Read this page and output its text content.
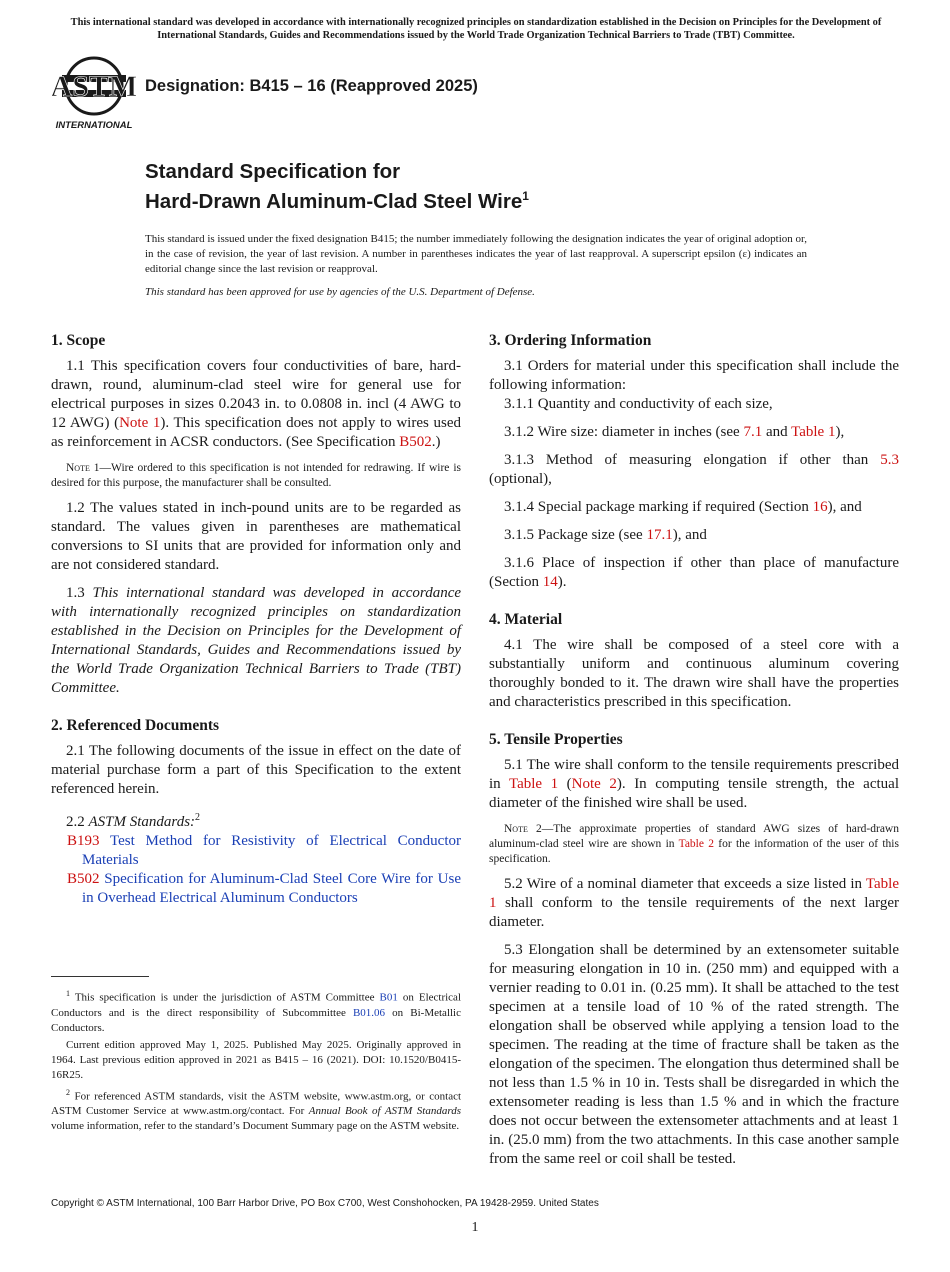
This international standard was developed in accordance with internationally recognized principles on standardization established in the Decision on Principles for the Development of International Standards, Guides and Recommendations issued by the World Trade Organization Technical Barriers to Trade (TBT) Committee.
ASTM
INTERNATIONAL
Designation: B415 – 16 (Reapproved 2025)
Standard Specification for
Hard-Drawn Aluminum-Clad Steel Wire$^1$
This standard is issued under the fixed designation B415; the number immediately following the designation indicates the year of original adoption or, in the case of revision, the year of last revision. A number in parentheses indicates the year of last reapproval. A superscript epsilon (ε) indicates an editorial change since the last revision or reapproval.
This standard has been approved for use by agencies of the U.S. Department of Defense.
1. Scope

1.1 This specification covers four conductivities of bare, hard-drawn, round, aluminum-clad steel wire for general use for electrical purposes in sizes 0.2043 in. to 0.0808 in. incl (4 AWG to 12 AWG) (Note 1). This specification does not apply to wires used as reinforcement in ACSR conductors. (See Specification B502.)

Note 1—Wire ordered to this specification is not intended for redrawing. If wire is desired for this purpose, the manufacturer shall be consulted.

1.2 The values stated in inch-pound units are to be regarded as standard. The values given in parentheses are mathematical conversions to SI units that are provided for information only and are not considered standard.

1.3 This international standard was developed in accordance with internationally recognized principles on standardization established in the Decision on Principles for the Development of International Standards, Guides and Recommendations issued by the World Trade Organization Technical Barriers to Trade (TBT) Committee.

2. Referenced Documents

2.1 The following documents of the issue in effect on the date of material purchase form a part of this Specification to the extent referenced herein.

2.2 ASTM Standards:$^2$

B193 Test Method for Resistivity of Electrical Conductor Materials

B502 Specification for Aluminum-Clad Steel Core Wire for Use in Overhead Electrical Aluminum Conductors

$^1$ This specification is under the jurisdiction of ASTM Committee B01 on Electrical Conductors and is the direct responsibility of Subcommittee B01.06 on Bi-Metallic Conductors.

Current edition approved May 1, 2025. Published May 2025. Originally approved in 1964. Last previous edition approved in 2021 as B415 – 16 (2021). DOI: 10.1520/B0415-16R25.

$^2$ For referenced ASTM standards, visit the ASTM website, www.astm.org, or contact ASTM Customer Service at www.astm.org/contact. For Annual Book of ASTM Standards volume information, refer to the standard’s Document Summary page on the ASTM website.

3. Ordering Information

3.1 Orders for material under this specification shall include the following information:

3.1.1 Quantity and conductivity of each size,

3.1.2 Wire size: diameter in inches (see 7.1 and Table 1),

3.1.3 Method of measuring elongation if other than 5.3 (optional),

3.1.4 Special package marking if required (Section 16), and

3.1.5 Package size (see 17.1), and

3.1.6 Place of inspection if other than place of manufacture (Section 14).

4. Material

4.1 The wire shall be composed of a steel core with a substantially uniform and continuous aluminum covering thoroughly bonded to it. The drawn wire shall have the properties and characteristics prescribed in this specification.

5. Tensile Properties

5.1 The wire shall conform to the tensile requirements prescribed in Table 1 (Note 2). In computing tensile strength, the actual diameter of the finished wire shall be used.

Note 2—The approximate properties of standard AWG sizes of hard-drawn aluminum-clad steel wire are shown in Table 2 for the information of the user of this specification.

5.2 Wire of a nominal diameter that exceeds a size listed in Table 1 shall conform to the tensile requirements of the next larger diameter.

5.3 Elongation shall be determined by an extensometer suitable for measuring elongation in 10 in. (250 mm) and equipped with a vernier reading to 0.01 in. (0.25 mm). It shall be attached to the test specimen at a tensile load of 10 % of the rated strength. The elongation shall be observed while applying a tension load to the specimen. The reading at the time of fracture shall be taken as the elongation of the specimen. The elongation thus determined shall be not less than 1.5 % in 10 in. Tests shall be disregarded in which the extensometer reading is less than 1.5 % and in which the fracture does not occur between the extensometer attachments and at least 1 in. (25.0 mm) from the two attachments. In this case another sample from the same reel or coil shall be tested.

Copyright © ASTM International, 100 Barr Harbor Drive, PO Box C700, West Conshohocken, PA 19428-2959. United States
1
